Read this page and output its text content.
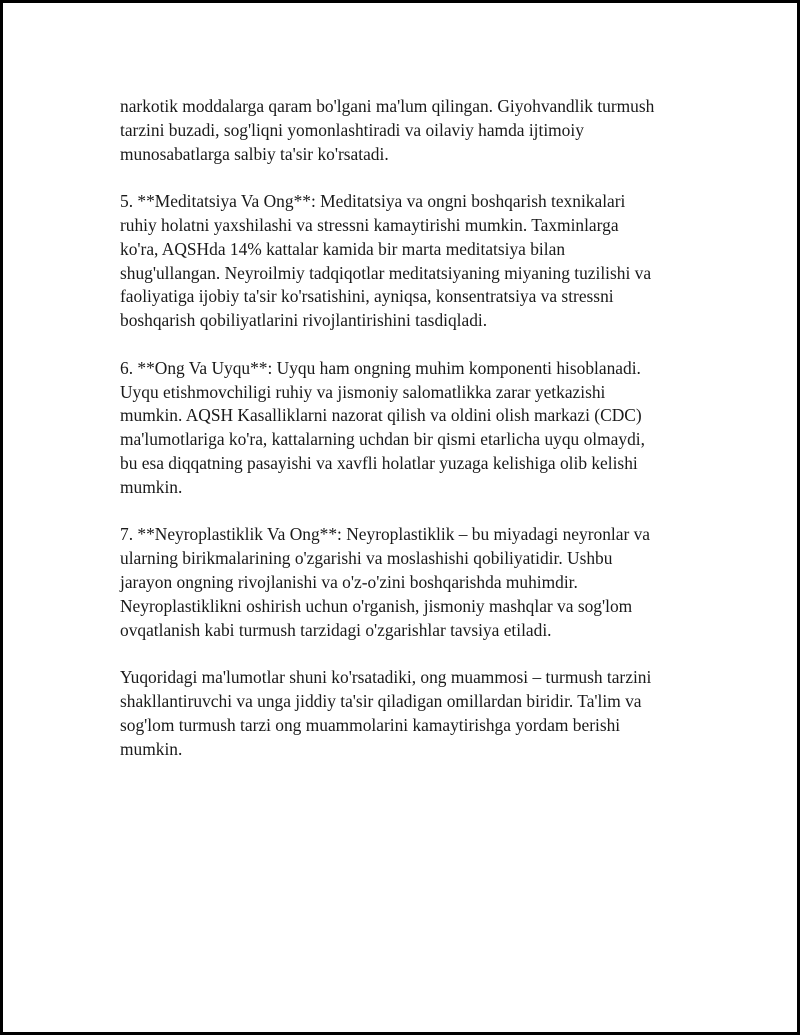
narkotik moddalarga qaram bo'lgani ma'lum qilingan. Giyohvandlik turmush
tarzini buzadi, sog'liqni yomonlashtiradi va oilaviy hamda ijtimoiy
munosabatlarga salbiy ta'sir ko'rsatadi.

5. **Meditatsiya Va Ong**: Meditatsiya va ongni boshqarish texnikalari
ruhiy holatni yaxshilashi va stressni kamaytirishi mumkin. Taxminlarga
ko'ra, AQSHda 14% kattalar kamida bir marta meditatsiya bilan
shug'ullangan. Neyroilmiy tadqiqotlar meditatsiyaning miyaning tuzilishi va
faoliyatiga ijobiy ta'sir ko'rsatishini, ayniqsa, konsentratsiya va stressni
boshqarish qobiliyatlarini rivojlantirishini tasdiqladi.

6. **Ong Va Uyqu**: Uyqu ham ongning muhim komponenti hisoblanadi.
Uyqu etishmovchiligi ruhiy va jismoniy salomatlikka zarar yetkazishi
mumkin. AQSH Kasalliklarni nazorat qilish va oldini olish markazi (CDC)
ma'lumotlariga ko'ra, kattalarning uchdan bir qismi etarlicha uyqu olmaydi,
bu esa diqqatning pasayishi va xavfli holatlar yuzaga kelishiga olib kelishi
mumkin.

7. **Neyroplastiklik Va Ong**: Neyroplastiklik – bu miyadagi neyronlar va
ularning birikmalarining o'zgarishi va moslashishi qobiliyatidir. Ushbu
jarayon ongning rivojlanishi va o'z-o'zini boshqarishda muhimdir.
Neyroplastiklikni oshirish uchun o'rganish, jismoniy mashqlar va sog'lom
ovqatlanish kabi turmush tarzidagi o'zgarishlar tavsiya etiladi.

Yuqoridagi ma'lumotlar shuni ko'rsatadiki, ong muammosi – turmush tarzini
shakllantiruvchi va unga jiddiy ta'sir qiladigan omillardan biridir. Ta'lim va
sog'lom turmush tarzi ong muammolarini kamaytirishga yordam berishi
mumkin.
